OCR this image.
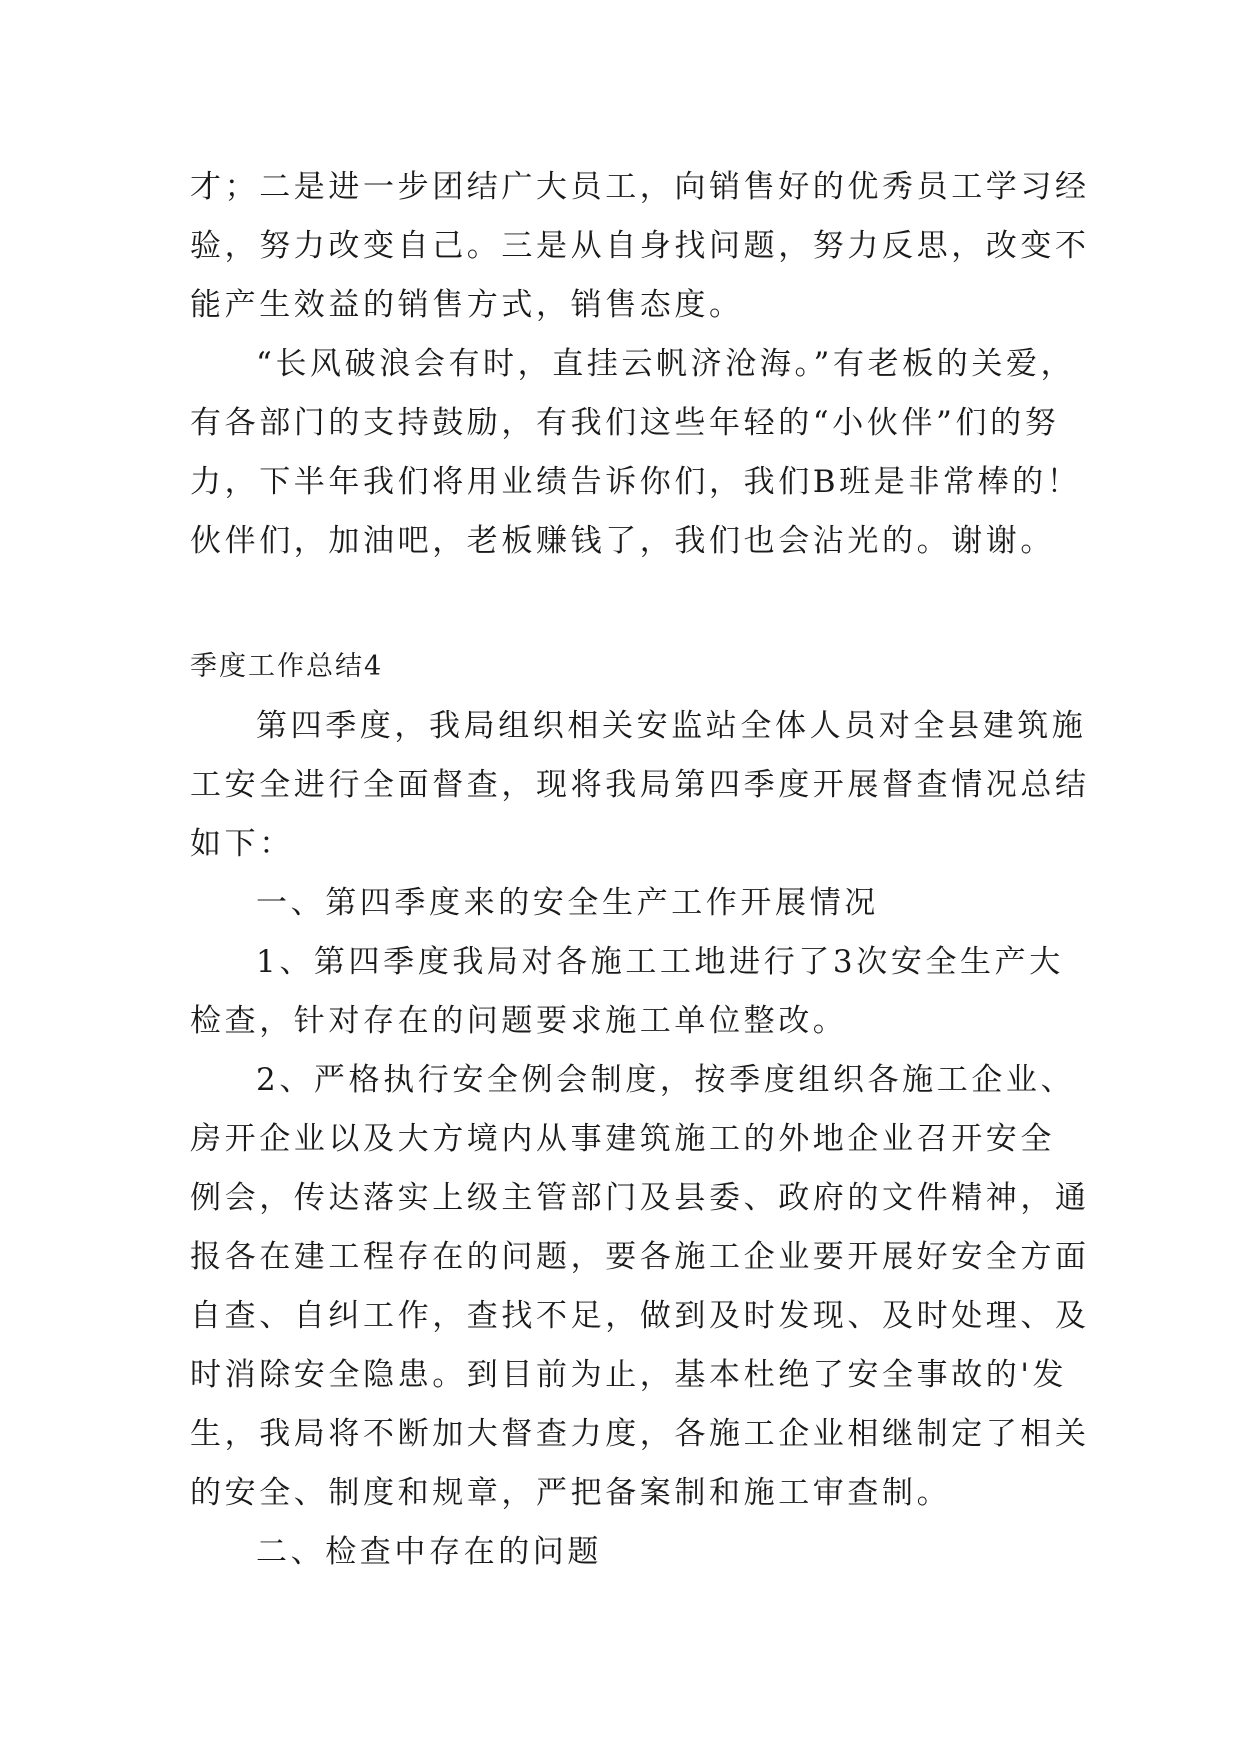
才；二是进一步团结广大员工，向销售好的优秀员工学习经
验，努力改变自己。三是从自身找问题，努力反思，改变不
能产生效益的销售方式，销售态度。
“长风破浪会有时，直挂云帆济沧海。”有老板的关爱，
有各部门的支持鼓励，有我们这些年轻的“小伙伴”们的努
力，下半年我们将用业绩告诉你们，我们B班是非常棒的！
伙伴们，加油吧，老板赚钱了，我们也会沾光的。谢谢。
季度工作总结4
第四季度，我局组织相关安监站全体人员对全县建筑施
工安全进行全面督查，现将我局第四季度开展督查情况总结
如下：
一、第四季度来的安全生产工作开展情况
1、第四季度我局对各施工工地进行了3次安全生产大
检查，针对存在的问题要求施工单位整改。
2、严格执行安全例会制度，按季度组织各施工企业、
房开企业以及大方境内从事建筑施工的外地企业召开安全
例会，传达落实上级主管部门及县委、政府的文件精神，通
报各在建工程存在的问题，要各施工企业要开展好安全方面
自查、自纠工作，查找不足，做到及时发现、及时处理、及
时消除安全隐患。到目前为止，基本杜绝了安全事故的'发
生，我局将不断加大督查力度，各施工企业相继制定了相关
的安全、制度和规章，严把备案制和施工审查制。
二、检查中存在的问题
